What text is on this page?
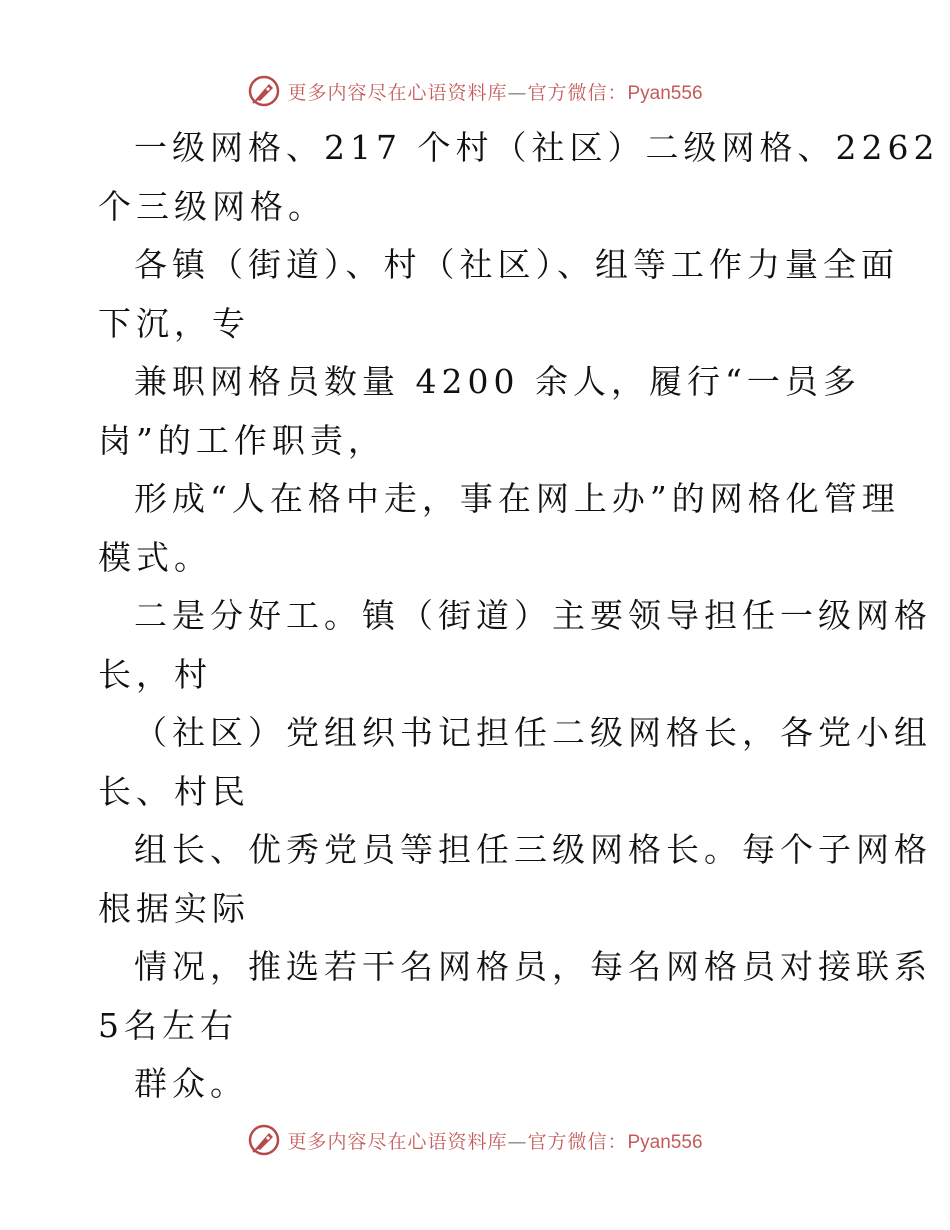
更多内容尽在心语资料库—官方微信：Pyan556
一级网格、217 个村（社区）二级网格、2262
个三级网格。
各镇（街道）、村（社区）、组等工作力量全面
下沉，专
兼职网格员数量 4200 余人，履行“一员多
岗”的工作职责，
形成“人在格中走，事在网上办”的网格化管理
模式。
二是分好工。镇（街道）主要领导担任一级网格
长，村
（社区）党组织书记担任二级网格长，各党小组
长、村民
组长、优秀党员等担任三级网格长。每个子网格
根据实际
情况，推选若干名网格员，每名网格员对接联系
5名左右
群众。
更多内容尽在心语资料库—官方微信：Pyan556
